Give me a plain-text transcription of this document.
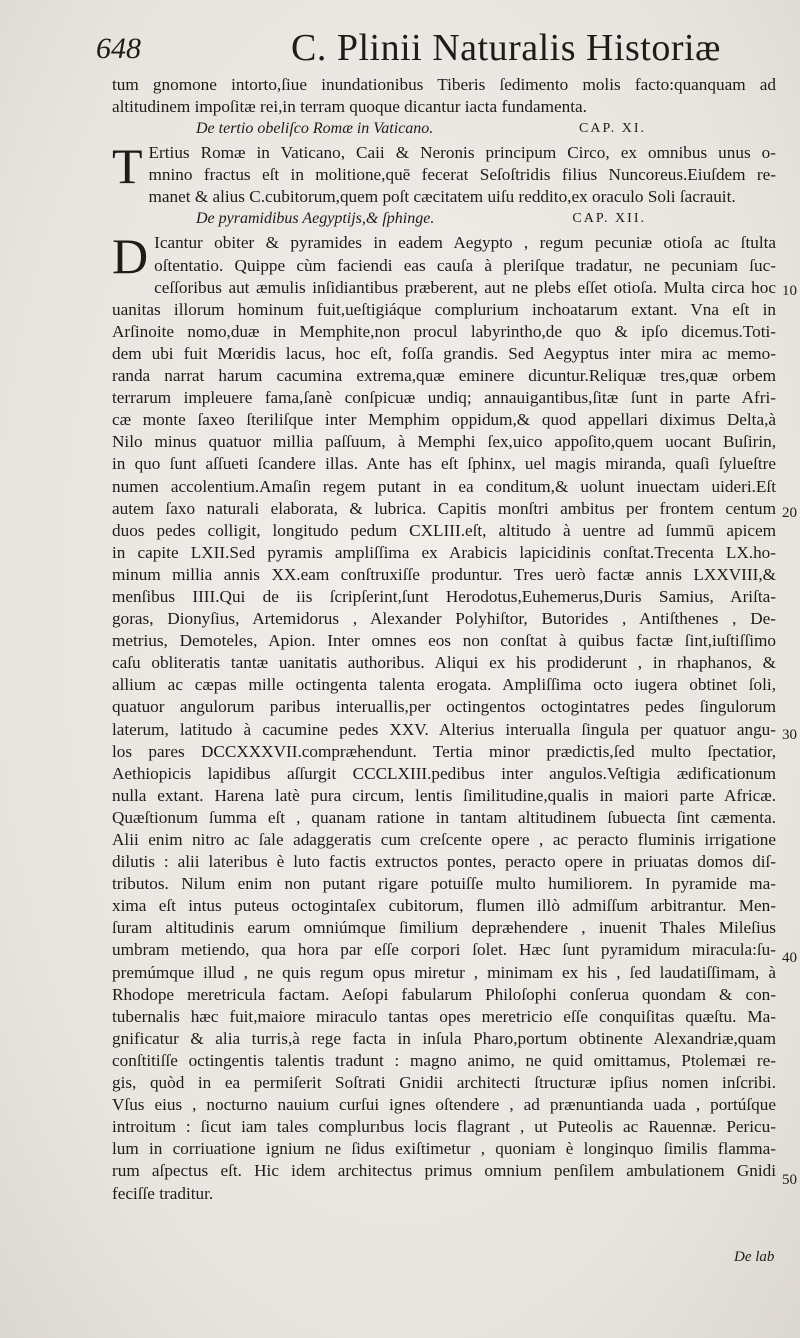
648	C. Plinii Naturalis Historiæ
tum gnomone intorto,ſiue inundationibus Tiberis ſedimento molis facto:quanquam ad
altitudinem impoſitæ rei,in terram quoque dicantur iacta fundamenta.
De tertio obeliſco Romæ in Vaticano.	CAP. XI.
T Ertius Romæ in Vaticano, Caii & Neronis principum Circo, ex omnibus unus o-
mnino fractus eſt in molitione,quē fecerat Seſoſtridis filius Nuncoreus.Eiuſdem re-
manet & alius C.cubitorum,quem poſt cæcitatem uiſu reddito,ex oraculo Soli ſacrauit.
De pyramidibus Aegyptijs,& ſphinge.	CAP. XII.
D Icantur obiter & pyramides in eadem Aegypto , regum pecuniæ otioſa ac ſtulta
oſtentatio. Quippe cùm faciendi eas cauſa à pleriſque tradatur, ne pecuniam ſuc-
ceſſoribus aut æmulis inſidiantibus præberent, aut ne plebs eſſet otioſa. Multa circa hoc
uanitas illorum hominum fuit,ueſtigiáque complurium inchoatarum extant. Vna eſt in
Arſinoite nomo,duæ in Memphite,non procul labyrintho,de quo & ipſo dicemus.Toti-
dem ubi fuit Mœridis lacus, hoc eſt, foſſa grandis. Sed Aegyptus inter mira ac memo-
randa narrat harum cacumina extrema,quæ eminere dicuntur.Reliquæ tres,quæ orbem
terrarum impleuere fama,ſanè conſpicuæ undiq; annauigantibus,ſitæ ſunt in parte Afri-
cæ monte ſaxeo ſteriliſque inter Memphim oppidum,& quod appellari diximus Delta,à
Nilo minus quatuor millia paſſuum, à Memphi ſex,uico appoſito,quem uocant Buſirin,
in quo ſunt aſſueti ſcandere illas. Ante has eſt ſphinx, uel magis miranda, quaſi ſylueſtre
numen accolentium.Amaſin regem putant in ea conditum,& uolunt inuectam uideri.Eſt
autem ſaxo naturali elaborata, & lubrica. Capitis monſtri ambitus per frontem centum
duos pedes colligit, longitudo pedum CXLIII.eſt, altitudo à uentre ad ſummū apicem
in capite LXII.Sed pyramis ampliſſima ex Arabicis lapicidinis conſtat.Trecenta LX.ho-
minum millia annis XX.eam conſtruxiſſe produntur. Tres uerò factæ annis LXXVIII,&
menſibus IIII.Qui de iis ſcripſerint,ſunt Herodotus,Euhemerus,Duris Samius, Ariſta-
goras, Dionyſius, Artemidorus , Alexander Polyhiſtor, Butorides , Antiſthenes , De-
metrius, Demoteles, Apion. Inter omnes eos non conſtat à quibus factæ ſint,iuſtiſſimo
caſu obliteratis tantæ uanitatis authoribus. Aliqui ex his prodiderunt , in rhaphanos, &
allium ac cæpas mille octingenta talenta erogata. Ampliſſima octo iugera obtinet ſoli,
quatuor angulorum paribus interuallis,per octingentos octogintatres pedes ſingulorum
laterum, latitudo à cacumine pedes XXV. Alterius interualla ſingula per quatuor angu-
los pares DCCXXXVII.compræhendunt. Tertia minor prædictis,ſed multo ſpectatior,
Aethiopicis lapidibus aſſurgit CCCLXIII.pedibus inter angulos.Veſtigia ædificationum
nulla extant. Harena latè pura circum, lentis ſimilitudine,qualis in maiori parte Africæ.
Quæſtionum ſumma eſt , quanam ratione in tantam altitudinem ſubuecta ſint cæmenta.
Alii enim nitro ac ſale adaggeratis cum creſcente opere , ac peracto fluminis irrigatione
dilutis : alii lateribus è luto factis extructos pontes, peracto opere in priuatas domos diſ-
tributos. Nilum enim non putant rigare potuiſſe multo humiliorem. In pyramide ma-
xima eſt intus puteus octogintaſex cubitorum, flumen illò admiſſum arbitrantur. Men-
ſuram altitudinis earum omniúmque ſimilium depræhendere , inuenit Thales Mileſius
umbram metiendo, qua hora par eſſe corpori ſolet. Hæc ſunt pyramidum miracula:ſu-
premúmque illud , ne quis regum opus miretur , minimam ex his , ſed laudatiſſimam, à
Rhodope meretricula factam. Aeſopi fabularum Philoſophi conſerua quondam & con-
tubernalis hæc fuit,maiore miraculo tantas opes meretricio eſſe conquiſitas quæſtu. Ma-
gnificatur & alia turris,à rege facta in inſula Pharo,portum obtinente Alexandriæ,quam
conſtitiſſe octingentis talentis tradunt : magno animo, ne quid omittamus, Ptolemæi re-
gis, quòd in ea permiſerit Soſtrati Gnidii architecti ſtructuræ ipſius nomen inſcribi.
Vſus eius , nocturno nauium curſui ignes oſtendere , ad prænuntianda uada , portúſque
introitum : ſicut iam tales complurıbus locis flagrant , ut Puteolis ac Rauennæ. Pericu-
lum in corriuatione ignium ne ſidus exiſtimetur , quoniam è longinquo ſimilis flamma-
rum aſpectus eſt. Hic idem architectus primus omnium penſilem ambulationem Gnidi
feciſſe traditur.
10
20
30
40
50
De lab
